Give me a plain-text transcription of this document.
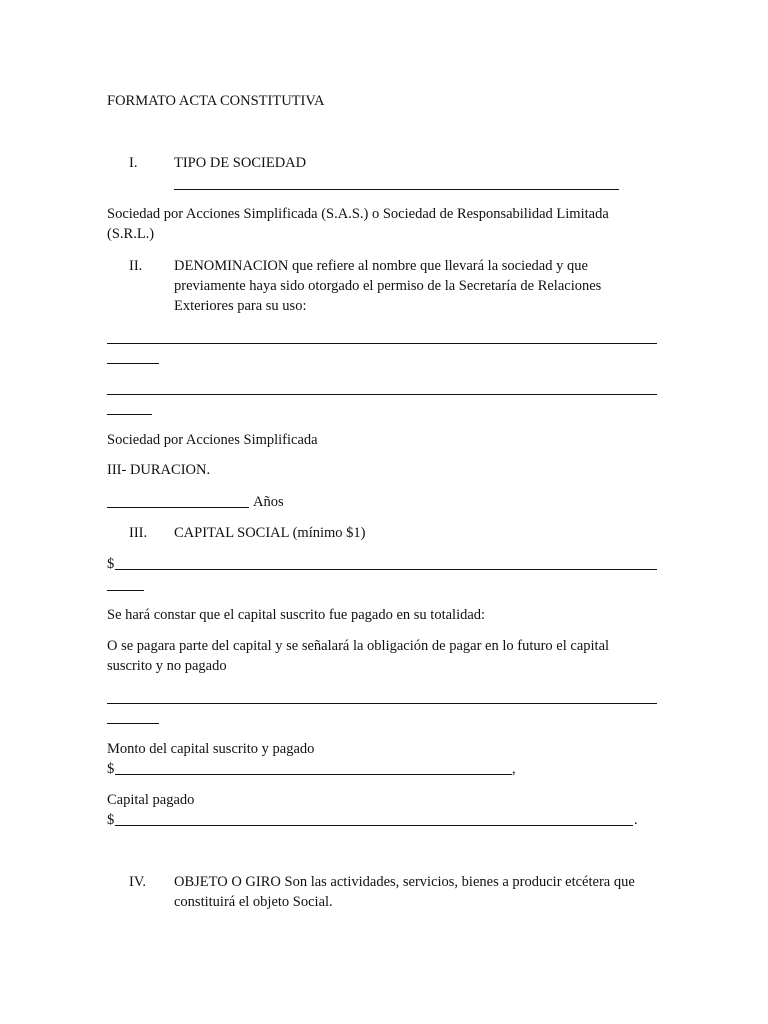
FORMATO ACTA CONSTITUTIVA
I.	TIPO DE SOCIEDAD
Sociedad por Acciones Simplificada (S.A.S.) o Sociedad de Responsabilidad Limitada (S.R.L.)
II. DENOMINACION que refiere al nombre que llevará la sociedad y que previamente haya sido otorgado el permiso de la Secretaría de Relaciones Exteriores para su uso:
Sociedad por Acciones Simplificada
III- DURACION.
Años
III. CAPITAL SOCIAL (mínimo $1)
$
Se hará constar que el capital suscrito fue pagado en su totalidad:
O se pagara parte del capital y se señalará la obligación de pagar en lo futuro el capital suscrito y no pagado
Monto del capital suscrito y pagado
$	,
Capital pagado
$	.
IV. OBJETO O GIRO Son las actividades, servicios, bienes a producir etcétera que constituirá el objeto Social.
